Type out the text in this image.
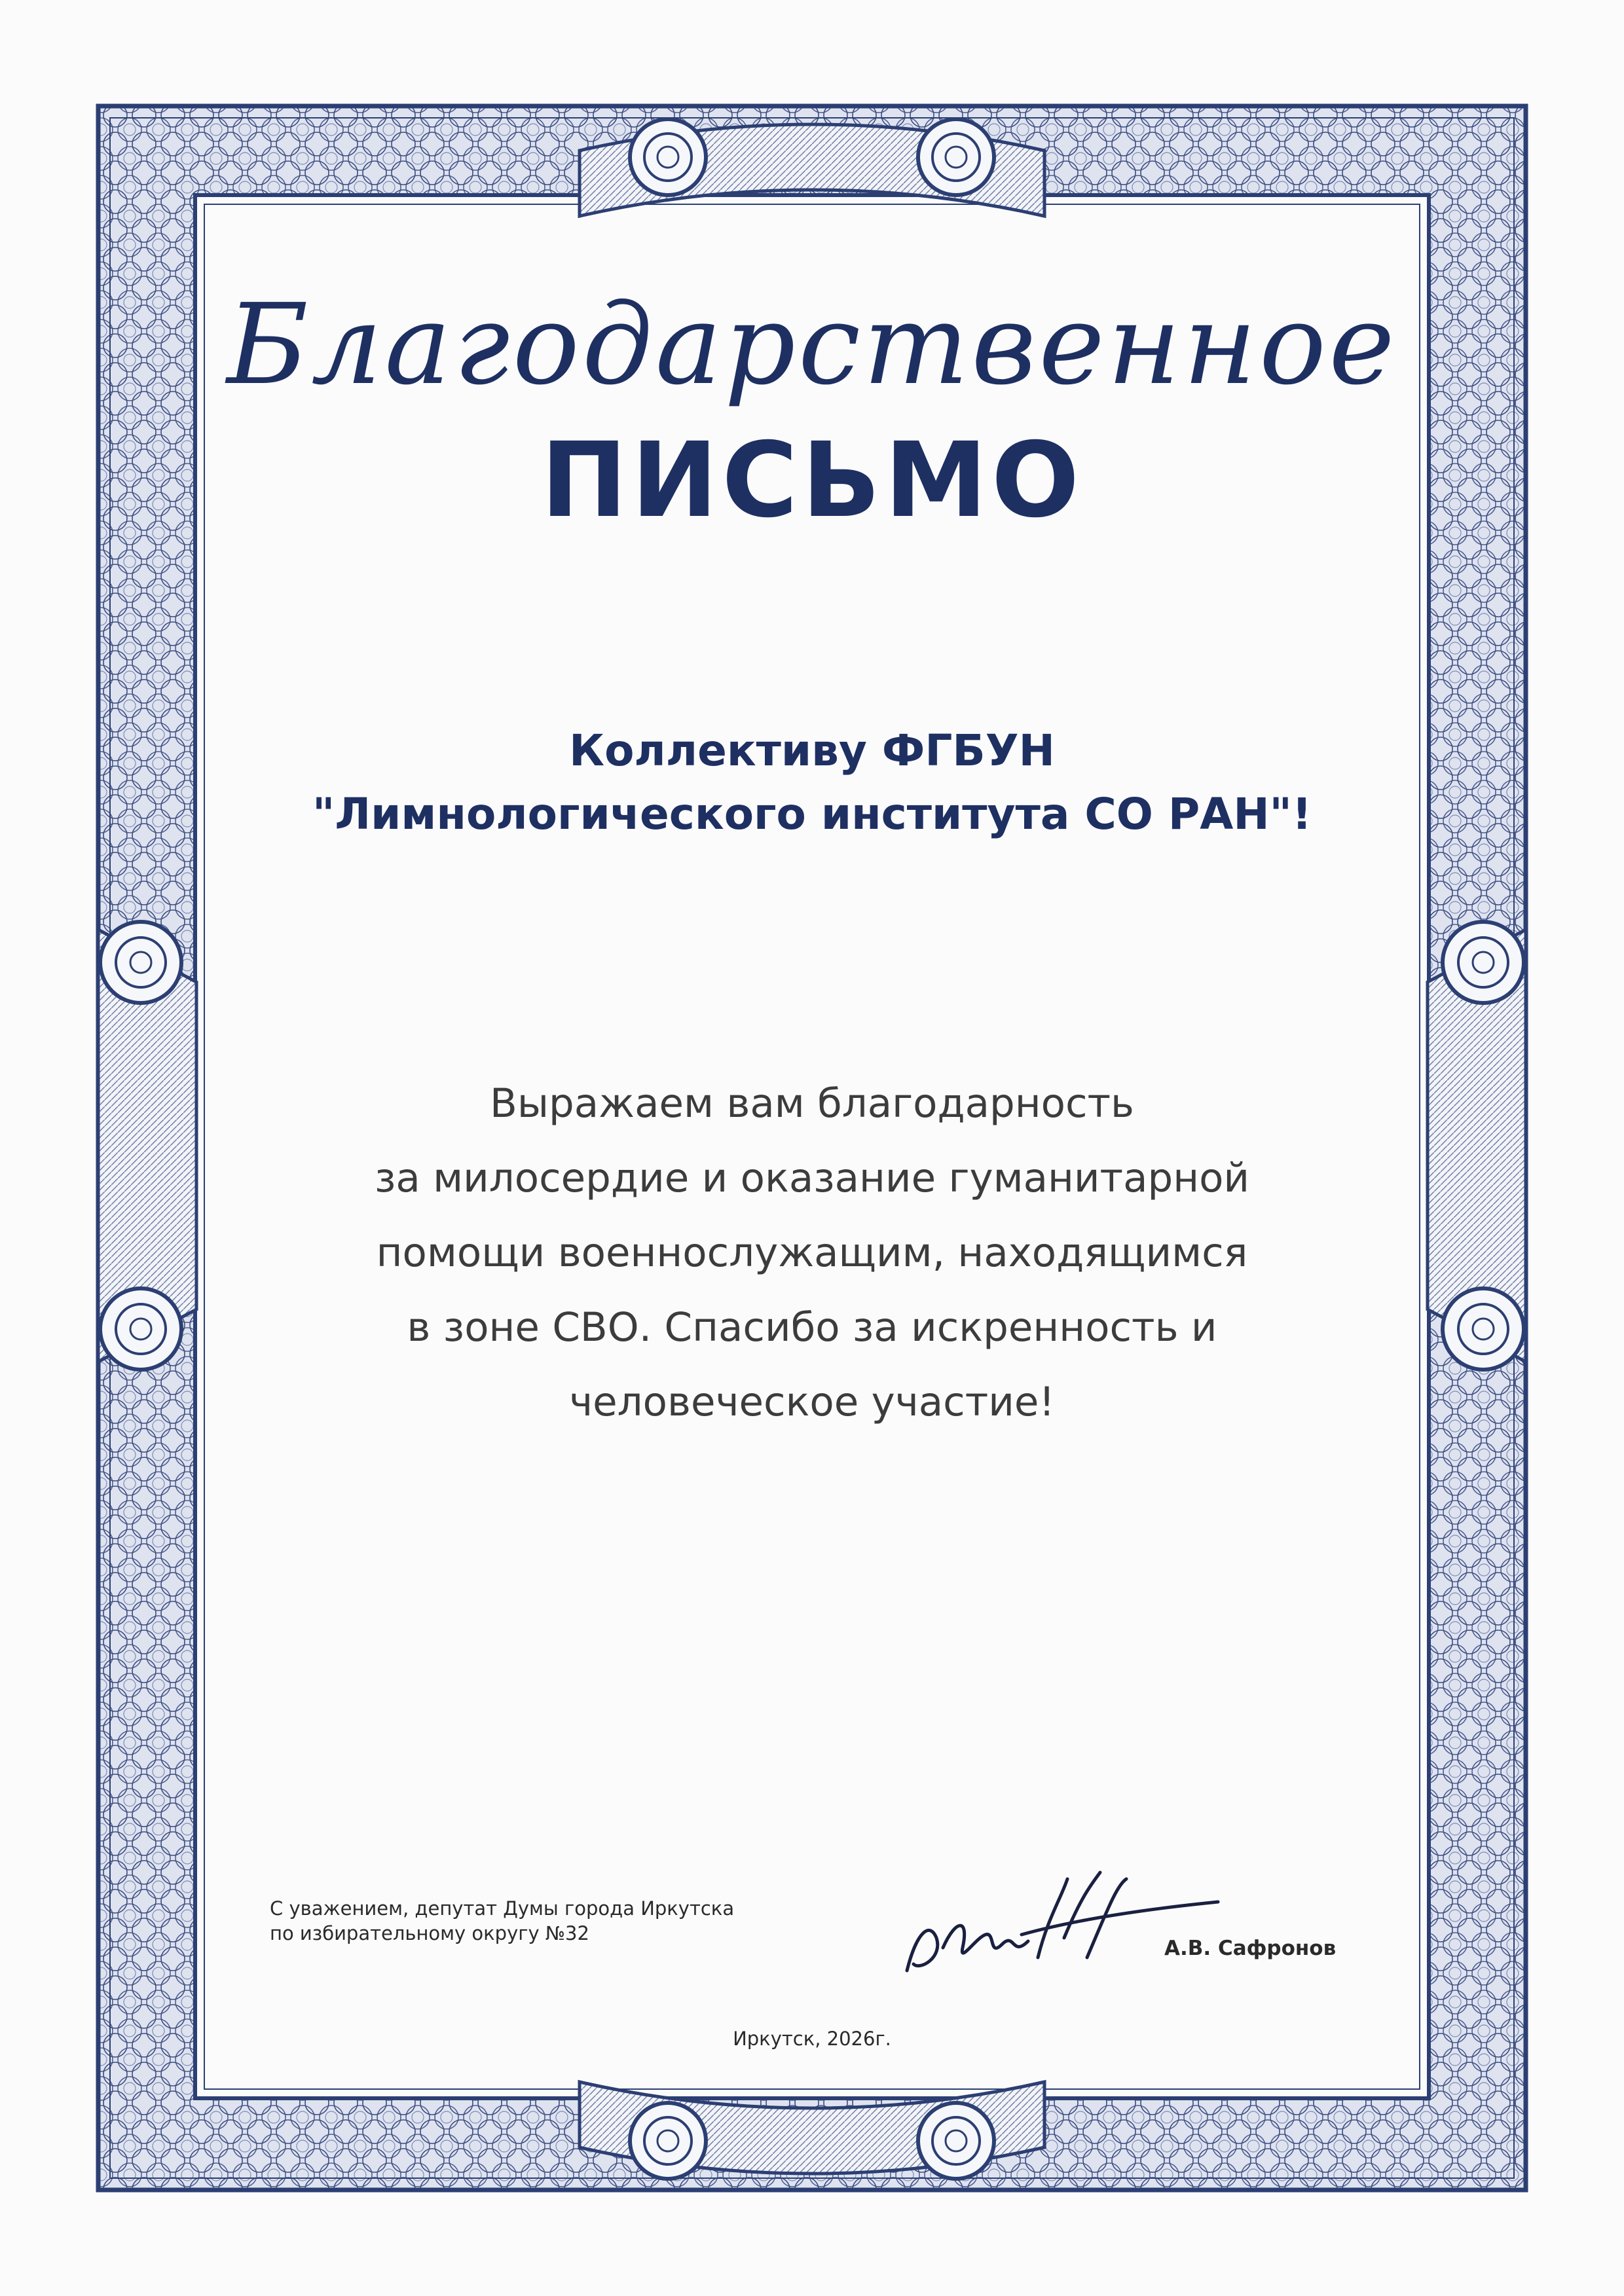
Благодарственное
ПИСЬМО
Коллективу ФГБУН
"Лимнологического института СО РАН"!
Выражаем вам благодарность
за милосердие и оказание гуманитарной
помощи военнослужащим, находящимся
в зоне СВО. Спасибо за искренность и
человеческое участие!
С уважением, депутат Думы города Иркутска
по избирательному округу №32
А.В. Сафронов
Иркутск, 2026г.
